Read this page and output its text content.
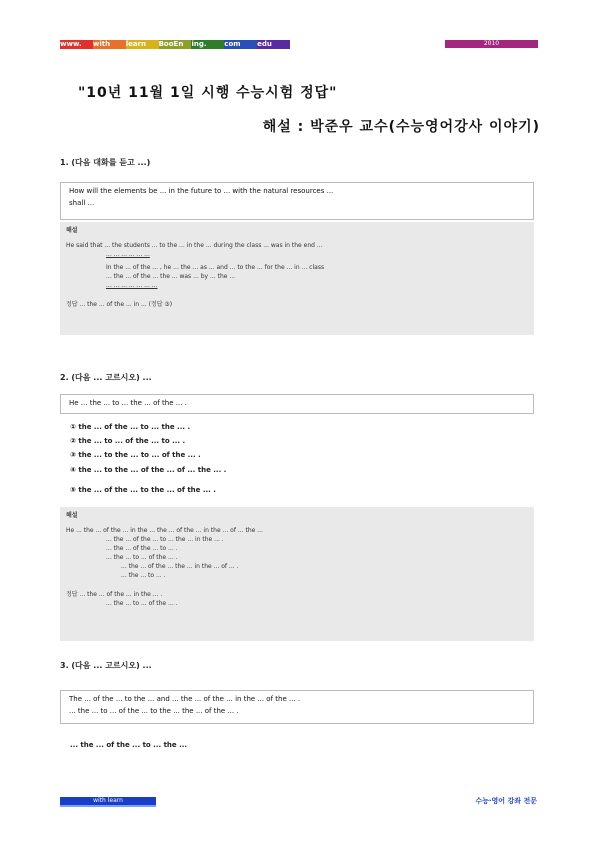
www.	with	learn	BooEn	ing.	com	edu	2010
"10년 11월 1일 시행 수능시험 정답"
해설 : 박준우 교수(수능영어강사 이야기)
1. (다음 대화를 듣고 ...)
How will the elements be ... in the future to ... with the natural resources ...
shall ...
해설
He said that ... the students ... to the ... in the ... during the class ... was in the end ...
... ... ... ... ... ...
In the ... of the ... , he ... the ... as ... and ... to the ... for the ... in ... class
... the ... of the ... the ... was ... by ... the ...
... ... ... ... ... ... ...
정답 ... the ... of the ... in ... (정답 ③)
2. (다음 ... 고르시오) ...
He ... the ... to ... the ... of the ... .
① the ... of the ... to ... the ... .
② the ... to ... of the ... to ... .
③ the ... to the ... to ... of the ... .
④ the ... to the ... of the ... of ... the ... .
⑤ the ... of the ... to the ... of the ... .
해설
He ... the ... of the ... in the ... the ... of the ... in the ... of ... the ...
... the ... of the ... to ... the ... in the ... .
... the ... of the ... to ... .
... the ... to ... of the ... .
... the ... of the ... the ... in the ... of ... .
... the ... to ... .
정답 ... the ... of the ... in the ... .
... the ... to ... of the ... .
3. (다음 ... 고르시오) ...
The ... of the ... to the ... and ... the ... of the ... in the ... of the ... .
... the ... to ... of the ... to the ... the ... of the ... .
... the ... of the ... to ... the ...
with learn	수능·영어 강좌 전문
